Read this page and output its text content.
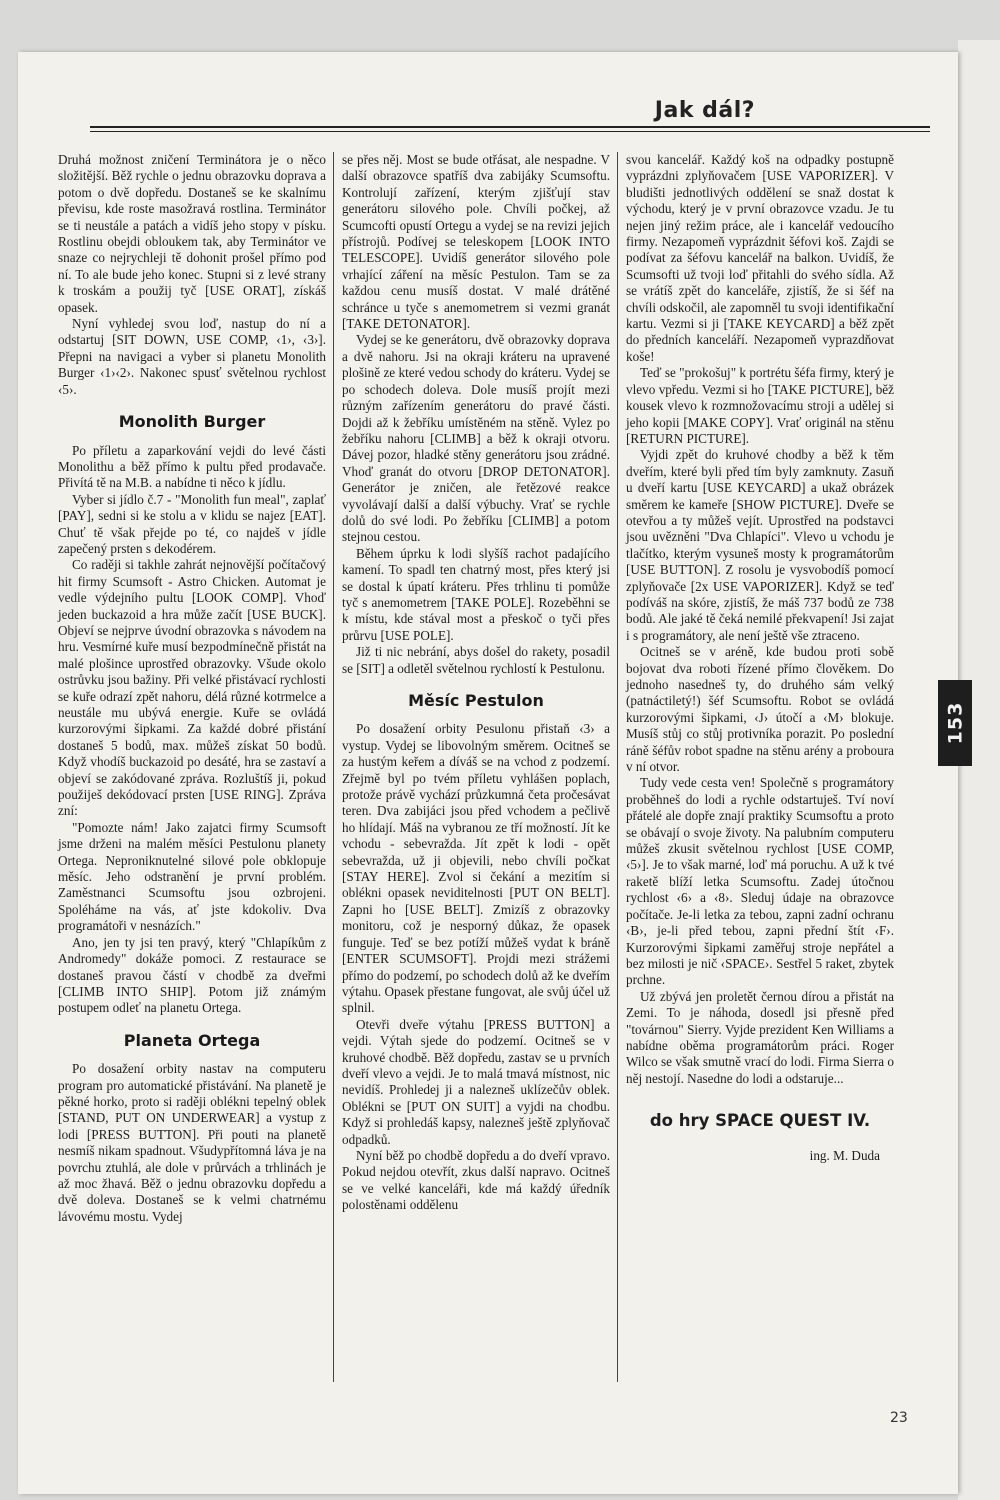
Jak dál?

Druhá možnost zničení Terminátora je o něco složitější. Běž rychle o jednu obrazovku doprava a potom o dvě dopředu. Dostaneš se ke skalnímu převisu, kde roste masožravá rostlina. Terminátor se ti neustále a patách a vidíš jeho stopy v písku. Rostlinu obejdi obloukem tak, aby Terminátor ve snaze co nejrychleji tě dohonit prošel přímo pod ní. To ale bude jeho konec. Stupni si z levé strany k troskám a použij tyč [USE ORAT], získáš opasek.

Nyní vyhledej svou loď, nastup do ní a odstartuj [SIT DOWN, USE COMP, ‹1›, ‹3›]. Přepni na navigaci a vyber si planetu Monolith Burger ‹1›‹2›. Nakonec spusť světelnou rychlost ‹5›.

Monolith Burger

Po příletu a zaparkování vejdi do levé části Monolithu a běž přímo k pultu před prodavače. Přivítá tě na M.B. a nabídne ti něco k jídlu.

Vyber si jídlo č.7 - "Monolith fun meal", zaplať [PAY], sedni si ke stolu a v klidu se najez [EAT]. Chuť tě však přejde po té, co najdeš v jídle zapečený prsten s dekodérem.

Co raději si takhle zahrát nejnovější počítačový hit firmy Scumsoft - Astro Chicken. Automat je vedle výdejního pultu [LOOK COMP]. Vhoď jeden buckazoid a hra může začít [USE BUCK]. Objeví se nejprve úvodní obrazovka s návodem na hru. Vesmírné kuře musí bezpodmínečně přistát na malé plošince uprostřed obrazovky. Všude okolo ostrůvku jsou bažiny. Při velké přistávací rychlosti se kuře odrazí zpět nahoru, délá různé kotrmelce a neustále mu ubývá energie. Kuře se ovládá kurzorovými šipkami. Za každé dobré přistání dostaneš 5 bodů, max. můžeš získat 50 bodů. Když vhodíš buckazoid po desáté, hra se zastaví a objeví se zakódované zpráva. Rozluštíš ji, pokud použiješ dekódovací prsten [USE RING]. Zpráva zní:

"Pomozte nám! Jako zajatci firmy Scumsoft jsme drženi na malém měsíci Pestulonu planety Ortega. Neproniknutelné silové pole obklopuje měsíc. Jeho odstranění je první problém. Zaměstnanci Scumsoftu jsou ozbrojeni. Spoléháme na vás, ať jste kdokoliv. Dva programátoři v nesnázích."

Ano, jen ty jsi ten pravý, který "Chlapíkům z Andromedy" dokáže pomoci. Z restaurace se dostaneš pravou částí v chodbě za dveřmi [CLIMB INTO SHIP]. Potom již známým postupem odleť na planetu Ortega.

Planeta Ortega

Po dosažení orbity nastav na computeru program pro automatické přistávání. Na planetě je pěkné horko, proto si raději oblékni tepelný oblek [STAND, PUT ON UNDERWEAR] a vystup z lodi [PRESS BUTTON]. Při pouti na planetě nesmíš nikam spadnout. Všudypřítomná láva je na povrchu ztuhlá, ale dole v průrvách a trhlinách je až moc žhavá. Běž o jednu obrazovku dopředu a dvě doleva. Dostaneš se k velmi chatrnému lávovému mostu. Vydej

se přes něj. Most se bude otřásat, ale nespadne. V další obrazovce spatříš dva zabijáky Scumsoftu. Kontrolují zařízení, kterým zjišťují stav generátoru silového pole. Chvíli počkej, až Scumcofti opustí Ortegu a vydej se na revizi jejich přístrojů. Podívej se teleskopem [LOOK INTO TELESCOPE]. Uvidíš generátor silového pole vrhající záření na měsíc Pestulon. Tam se za každou cenu musíš dostat. V malé drátěné schránce u tyče s anemometrem si vezmi granát [TAKE DETONATOR].

Vydej se ke generátoru, dvě obrazovky doprava a dvě nahoru. Jsi na okraji kráteru na upravené plošině ze které vedou schody do kráteru. Vydej se po schodech doleva. Dole musíš projít mezi různým zařízením generátoru do pravé části. Dojdi až k žebříku umístěném na stěně. Vylez po žebříku nahoru [CLIMB] a běž k okraji otvoru. Dávej pozor, hladké stěny generátoru jsou zrádné. Vhoď granát do otvoru [DROP DETONATOR]. Generátor je zničen, ale řetězové reakce vyvolávají další a další výbuchy. Vrať se rychle dolů do své lodi. Po žebříku [CLIMB] a potom stejnou cestou.

Během úprku k lodi slyšíš rachot padajícího kamení. To spadl ten chatrný most, přes který jsi se dostal k úpatí kráteru. Přes trhlinu ti pomůže tyč s anemometrem [TAKE POLE]. Rozeběhni se k místu, kde stával most a přeskoč o tyči přes průrvu [USE POLE].

Již ti nic nebrání, abys došel do rakety, posadil se [SIT] a odletěl světelnou rychlostí k Pestulonu.

Měsíc Pestulon

Po dosažení orbity Pesulonu přistaň ‹3› a vystup. Vydej se libovolným směrem. Ocitneš se za hustým keřem a díváš se na vchod z podzemí. Zřejmě byl po tvém příletu vyhlášen poplach, protože právě vychází průzkumná četa pročesávat teren. Dva zabijáci jsou před vchodem a pečlivě ho hlídají. Máš na vybranou ze tří možností. Jít ke vchodu - sebevražda. Jít zpět k lodi - opět sebevražda, už ji objevili, nebo chvíli počkat [STAY HERE]. Zvol si čekání a mezitím si oblékni opasek neviditelnosti [PUT ON BELT]. Zapni ho [USE BELT]. Zmizíš z obrazovky monitoru, což je nesporný důkaz, že opasek funguje. Teď se bez potíží můžeš vydat k bráně [ENTER SCUMSOFT]. Projdi mezi strážemi přímo do podzemí, po schodech dolů až ke dveřím výtahu. Opasek přestane fungovat, ale svůj účel už splnil.

Otevři dveře výtahu [PRESS BUTTON] a vejdi. Výtah sjede do podzemí. Ocitneš se v kruhové chodbě. Běž dopředu, zastav se u prvních dveří vlevo a vejdi. Je to malá tmavá místnost, nic nevidíš. Prohledej ji a nalezneš uklízečův oblek. Oblékni se [PUT ON SUIT] a vyjdi na chodbu. Když si prohledáš kapsy, nalezneš ještě zplyňovač odpadků.

Nyní běž po chodbě dopředu a do dveří vpravo. Pokud nejdou otevřít, zkus další napravo. Ocitneš se ve velké kanceláři, kde má každý úředník polostěnami oddělenu

svou kancelář. Každý koš na odpadky postupně vyprázdni zplyňovačem [USE VAPORIZER]. V bludišti jednotlivých oddělení se snaž dostat k východu, který je v první obrazovce vzadu. Je tu nejen jiný režim práce, ale i kancelář vedoucího firmy. Nezapomeň vyprázdnit šéfovi koš. Zajdi se podívat za šéfovu kancelář na balkon. Uvidíš, že Scumsofti už tvoji loď přitahli do svého sídla. Až se vrátíš zpět do kanceláře, zjistíš, že si šéf na chvíli odskočil, ale zapomněl tu svoji identifikační kartu. Vezmi si ji [TAKE KEYCARD] a běž zpět do předních kanceláří. Nezapomeň vyprazdňovat koše!

Teď se "prokošuj" k portrétu šéfa firmy, který je vlevo vpředu. Vezmi si ho [TAKE PICTURE], běž kousek vlevo k rozmnožovacímu stroji a udělej si jeho kopii [MAKE COPY]. Vrať originál na stěnu [RETURN PICTURE].

Vyjdi zpět do kruhové chodby a běž k těm dveřím, které byli před tím byly zamknuty. Zasuň u dveří kartu [USE KEYCARD] a ukaž obrázek směrem ke kameře [SHOW PICTURE]. Dveře se otevřou a ty můžeš vejít. Uprostřed na podstavci jsou uvězněni "Dva Chlapíci". Vlevo u vchodu je tlačítko, kterým vysuneš mosty k programátorům [USE BUTTON]. Z rosolu je vysvobodíš pomocí zplyňovače [2x USE VAPORIZER]. Když se teď podíváš na skóre, zjistíš, že máš 737 bodů ze 738 bodů. Ale jaké tě čeká nemilé překvapení! Jsi zajat i s programátory, ale není ještě vše ztraceno.

Ocitneš se v aréně, kde budou proti sobě bojovat dva roboti řízené přímo člověkem. Do jednoho nasedneš ty, do druhého sám velký (patnáctiletý!) šéf Scumsoftu. Robot se ovládá kurzorovými šipkami, ‹J› útočí a ‹M› blokuje. Musíš stůj co stůj protivníka porazit. Po poslední ráně šéfův robot spadne na stěnu arény a proboura v ní otvor.

Tudy vede cesta ven! Společně s programátory proběhneš do lodi a rychle odstartuješ. Tví noví přátelé ale dopře znají praktiky Scumsoftu a proto se obávají o svoje životy. Na palubním computeru můžeš zkusit světelnou rychlost [USE COMP, ‹5›]. Je to však marné, loď má poruchu. A už k tvé raketě blíží letka Scumsoftu. Zadej útočnou rychlost ‹6› a ‹8›. Sleduj údaje na obrazovce počítače. Je-li letka za tebou, zapni zadní ochranu ‹B›, je-li před tebou, zapni přední štít ‹F›. Kurzorovými šipkami zaměřuj stroje nepřátel a bez milosti je nič ‹SPACE›. Sestřel 5 raket, zbytek prchne.

Už zbývá jen proletět černou dírou a přistát na Zemi. To je náhoda, dosedl jsi přesně před "továrnou" Sierry. Vyjde prezident Ken Williams a nabídne oběma programátorům práci. Roger Wilco se však smutně vrací do lodi. Firma Sierra o něj nestojí. Nasedne do lodi a odstaruje...

do hry SPACE QUEST IV.

ing. M. Duda

153
23
